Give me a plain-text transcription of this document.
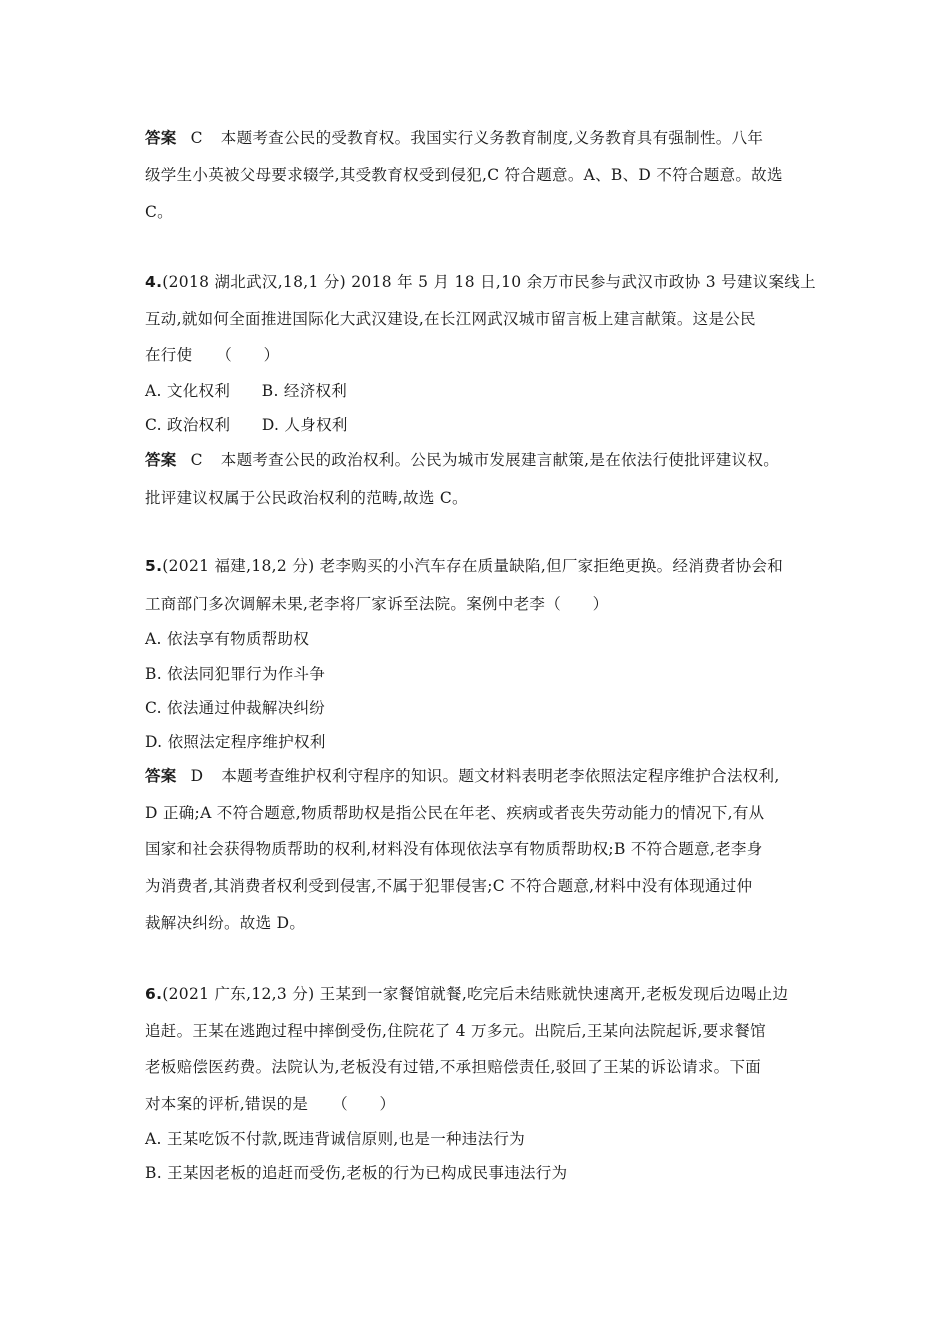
答案 C 本题考查公民的受教育权。我国实行义务教育制度,义务教育具有强制性。八年
级学生小英被父母要求辍学,其受教育权受到侵犯,C 符合题意。A、B、D 不符合题意。故选
C。
4.(2018 湖北武汉,18,1 分) 2018 年 5 月 18 日,10 余万市民参与武汉市政协 3 号建议案线上
互动,就如何全面推进国际化大武汉建设,在长江网武汉城市留言板上建言献策。这是公民
在行使　　（　　）
A. 文化权利　　B. 经济权利
C. 政治权利　　D. 人身权利
答案 C 本题考查公民的政治权利。公民为城市发展建言献策,是在依法行使批评建议权。
批评建议权属于公民政治权利的范畴,故选 C。
5.(2021 福建,18,2 分) 老李购买的小汽车存在质量缺陷,但厂家拒绝更换。经消费者协会和
工商部门多次调解未果,老李将厂家诉至法院。案例中老李（　　）
A. 依法享有物质帮助权
B. 依法同犯罪行为作斗争
C. 依法通过仲裁解决纠纷
D. 依照法定程序维护权利
答案 D 本题考查维护权利守程序的知识。题文材料表明老李依照法定程序维护合法权利,
D 正确;A 不符合题意,物质帮助权是指公民在年老、疾病或者丧失劳动能力的情况下,有从
国家和社会获得物质帮助的权利,材料没有体现依法享有物质帮助权;B 不符合题意,老李身
为消费者,其消费者权利受到侵害,不属于犯罪侵害;C 不符合题意,材料中没有体现通过仲
裁解决纠纷。故选 D。
6.(2021 广东,12,3 分) 王某到一家餐馆就餐,吃完后未结账就快速离开,老板发现后边喝止边
追赶。王某在逃跑过程中摔倒受伤,住院花了 4 万多元。出院后,王某向法院起诉,要求餐馆
老板赔偿医药费。法院认为,老板没有过错,不承担赔偿责任,驳回了王某的诉讼请求。下面
对本案的评析,错误的是　　（　　）
A. 王某吃饭不付款,既违背诚信原则,也是一种违法行为
B. 王某因老板的追赶而受伤,老板的行为已构成民事违法行为
